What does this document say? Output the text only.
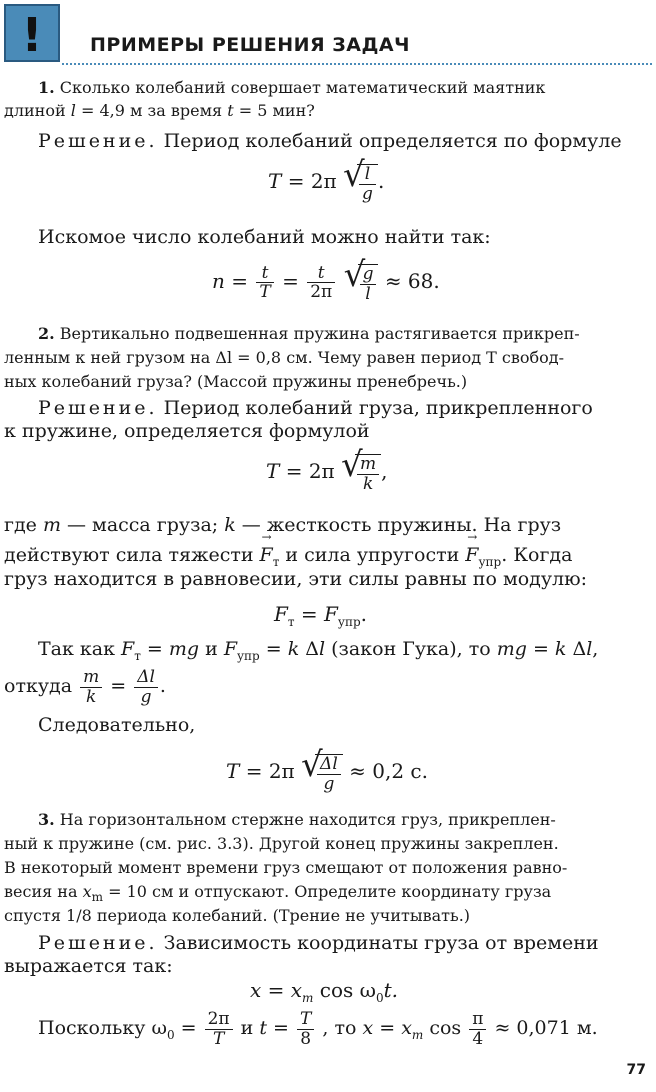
!	ПРИМЕРЫ РЕШЕНИЯ ЗАДАЧ
1. Сколько колебаний совершает математический маятник
длиной l = 4,9 м за время t = 5 мин?
Решение. Период колебаний определяется по формуле
T = 2π √
$\frac{l}{g}$ .
Искомое число колебаний можно найти так:
$n = \frac{t}{T} = \frac{t}{2\pi}$
√
$\frac{g}{l} \approx 68$.
2. Вертикально подвешенная пружина растягивается прикреп-
ленным к ней грузом на Δl = 0,8 см. Чему равен период T свобод-
ных колебаний груза? (Массой пружины пренебречь.)
Решение. Период колебаний груза, прикрепленного
к пружине, определяется формулой
T = 2π √
$\frac{m}{k}$ ,
где m — масса груза; k — жесткость пружины. На груз
действуют сила тяжести → $F_т$ и сила упругости → $F_{упр}$. Когда
груз находится в равновесии, эти силы равны по модулю:
$F_т = F_{упр}$.
Так как $F_т$ = mg и $F_{упр} = k$ Δl (закон Гука), то mg = k Δl,
откуда $\frac{m}{k} = \frac{\Delta l}{g}$ .
Следовательно,
T = 2π √
$\frac{\Delta l}{g} \approx 0,2$ с.
3. На горизонтальном стержне находится груз, прикреплен-
ный к пружине (см. рис. 3.3). Другой конец пружины закреплен.
В некоторый момент времени груз смещают от положения равно-
весия на $x_m = 10$ см и отпускают. Определите координату груза
спустя 1/8 периода колебаний. (Трение не учитывать.)
Решение. Зависимость координаты груза от времени
выражается так:
$x = x_m$ $\cos \omega_0t$.
Поскольку $\omega_0 = \frac{2\pi}{T}$ и $t = \frac{T}{8}$ , то $x = x_m$ $\cos \frac{\pi}{4} \approx 0,071$ м.
77
